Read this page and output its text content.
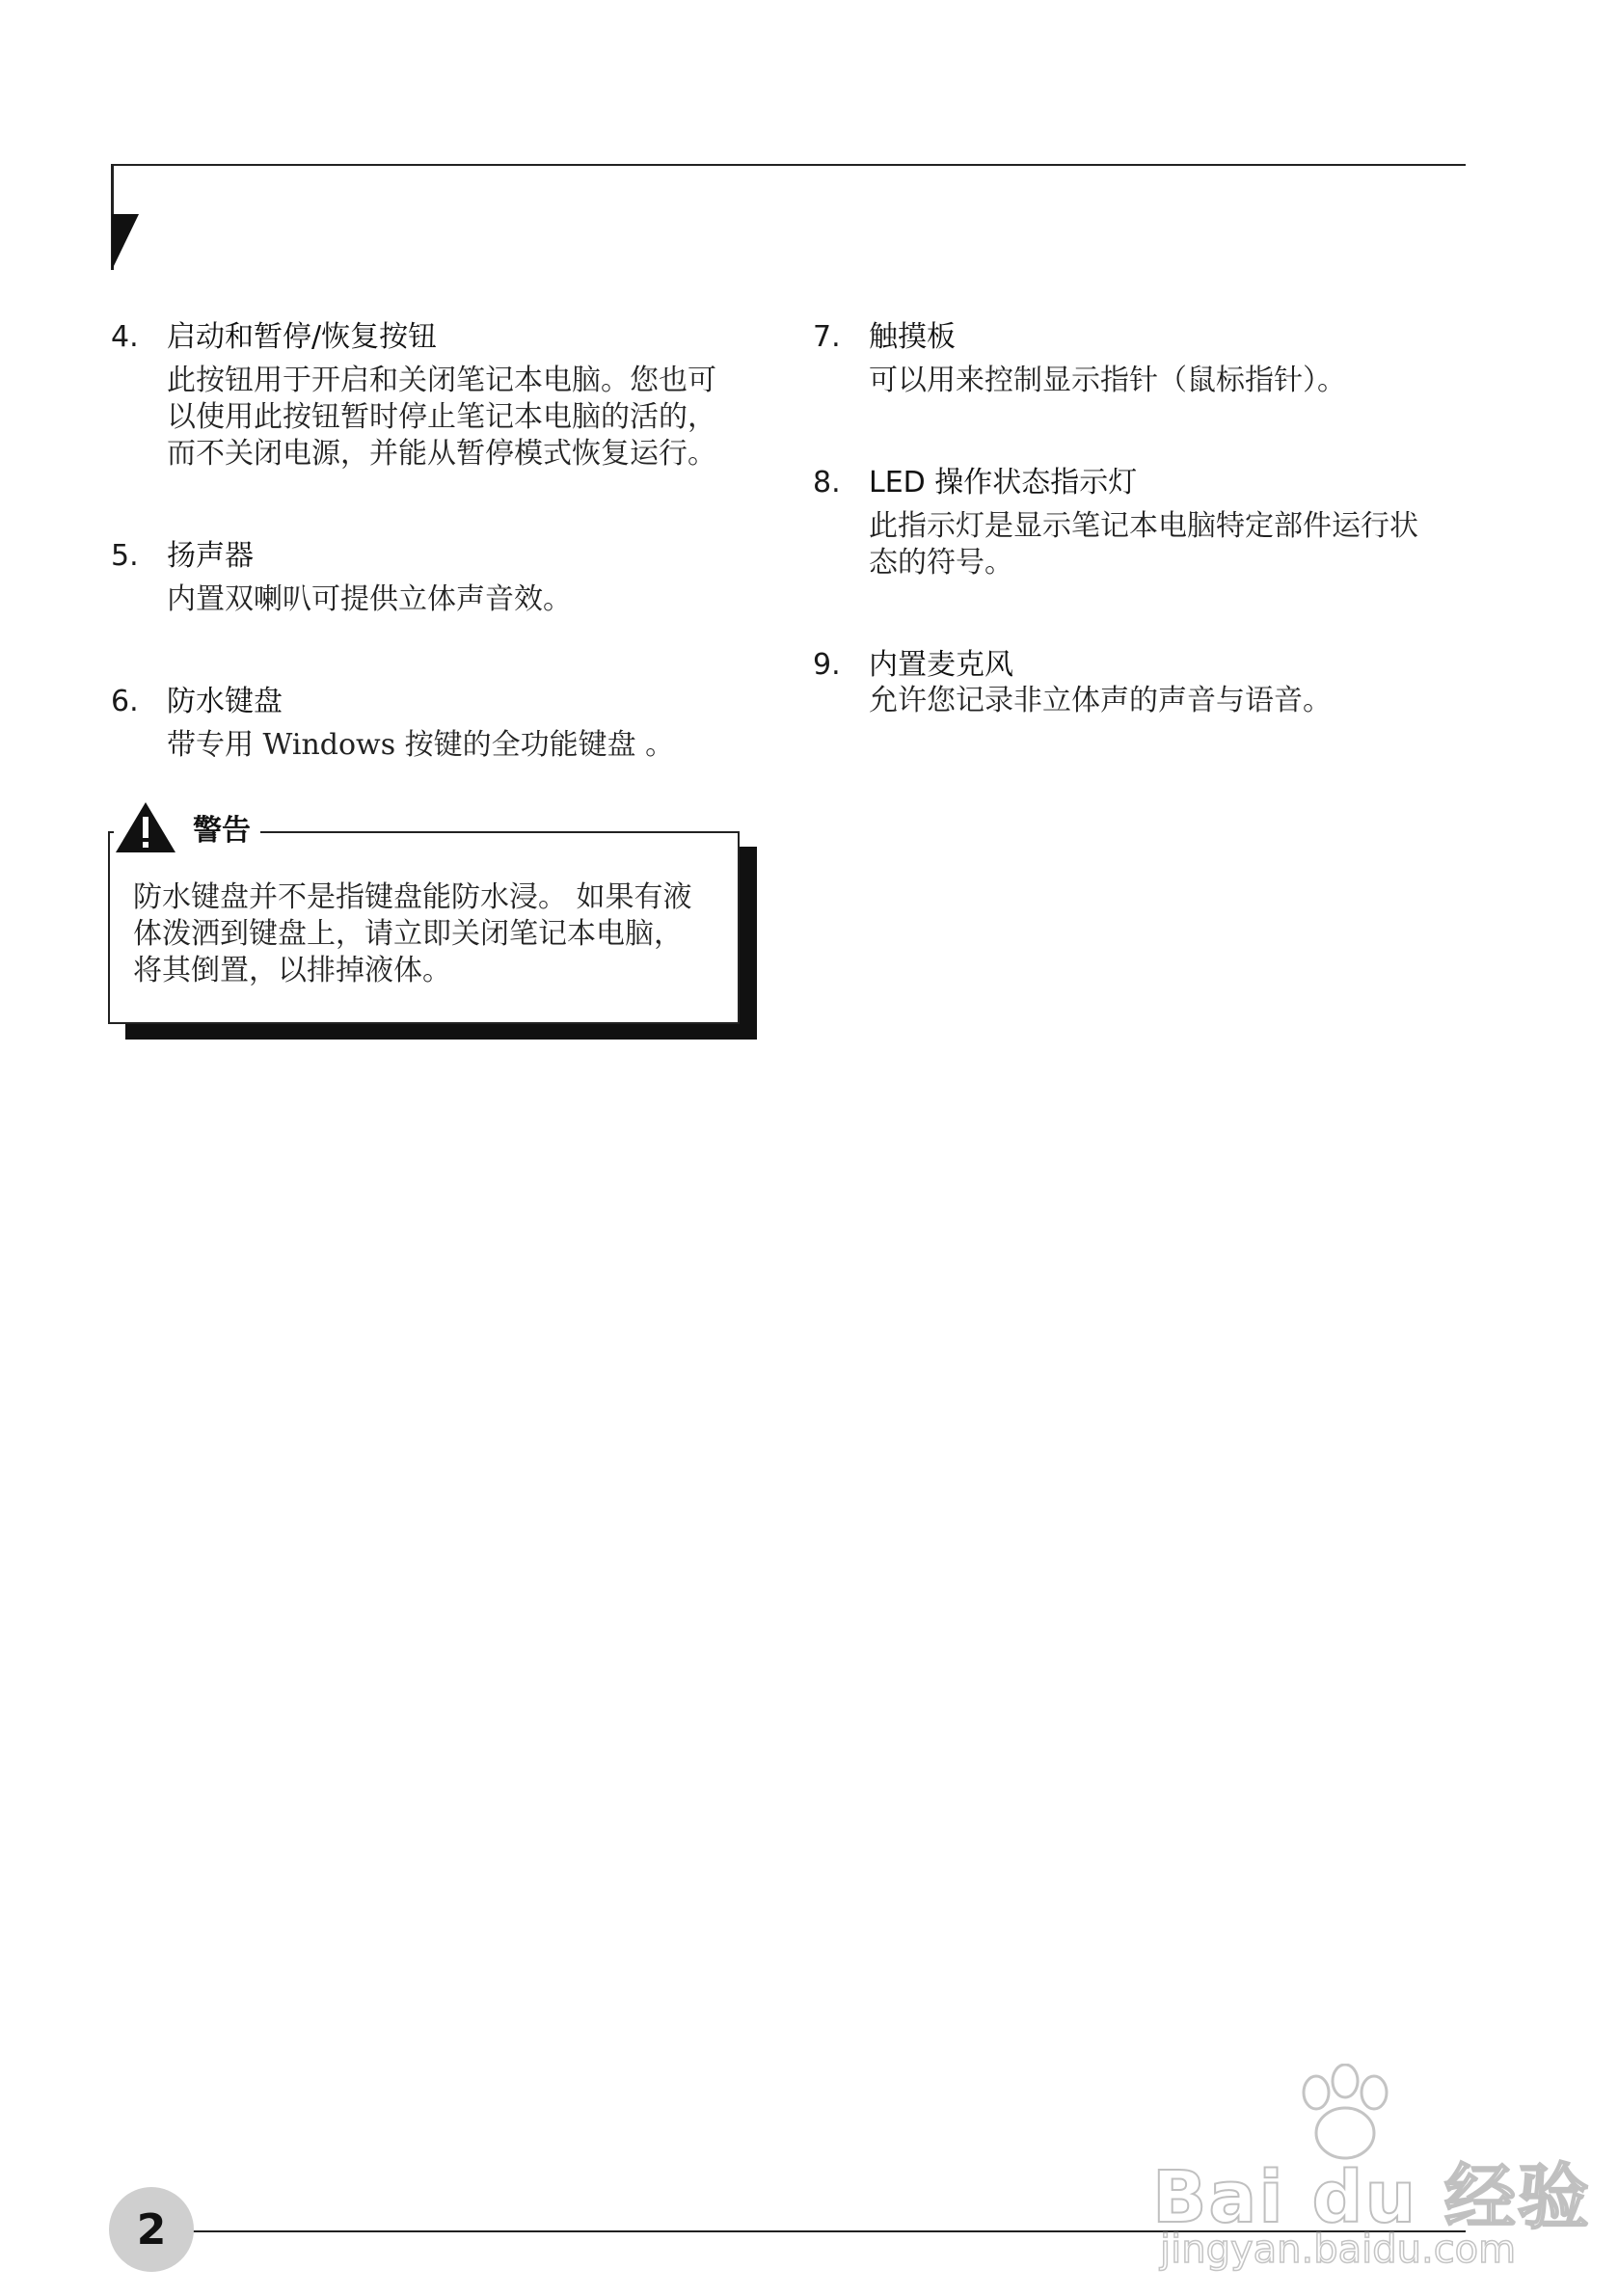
4. 启动和暂停/恢复按钮

此按钮用于开启和关闭笔记本电脑。您也可
以使用此按钮暂时停止笔记本电脑的活的，
而不关闭电源，并能从暂停模式恢复运行。

5. 扬声器

内置双喇叭可提供立体声音效。

6. 防水键盘

带专用 Windows 按键的全功能键盘 。

警告

防水键盘并不是指键盘能防水浸。 如果有液
体泼洒到键盘上，请立即关闭笔记本电脑，
将其倒置，以排掉液体。

7. 触摸板

可以用来控制显示指针（鼠标指针）。

8. LED 操作状态指示灯

此指示灯是显示笔记本电脑特定部件运行状
态的符号。

9. 内置麦克风

允许您记录非立体声的声音与语音。

2	Bai du 经验
jingyan.baidu.com
